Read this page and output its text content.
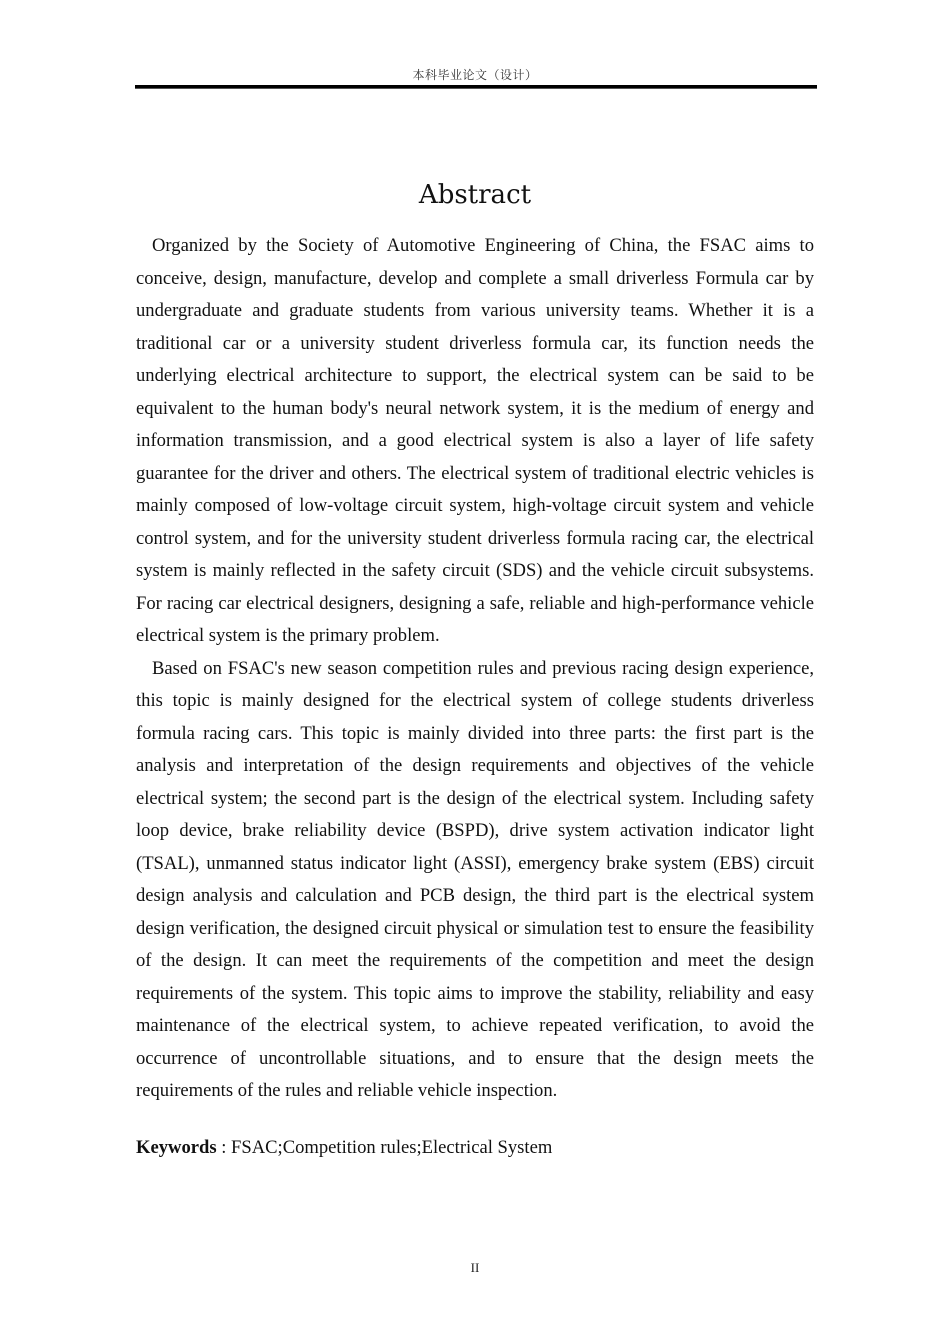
本科毕业论文（设计）
Abstract

Organized by the Society of Automotive Engineering of China, the FSAC aims to conceive, design, manufacture, develop and complete a small driverless Formula car by undergraduate and graduate students from various university teams. Whether it is a traditional car or a university student driverless formula car, its function needs the underlying electrical architecture to support, the electrical system can be said to be equivalent to the human body's neural network system, it is the medium of energy and information transmission, and a good electrical system is also a layer of life safety guarantee for the driver and others. The electrical system of traditional electric vehicles is mainly composed of low-voltage circuit system, high-voltage circuit system and vehicle control system, and for the university student driverless formula racing car, the electrical system is mainly reflected in the safety circuit (SDS) and the vehicle circuit subsystems. For racing car electrical designers, designing a safe, reliable and high-performance vehicle electrical system is the primary problem.

Based on FSAC's new season competition rules and previous racing design experience, this topic is mainly designed for the electrical system of college students driverless formula racing cars. This topic is mainly divided into three parts: the first part is the analysis and interpretation of the design requirements and objectives of the vehicle electrical system; the second part is the design of the electrical system. Including safety loop device, brake reliability device (BSPD), drive system activation indicator light (TSAL), unmanned status indicator light (ASSI), emergency brake system (EBS) circuit design analysis and calculation and PCB design, the third part is the electrical system design verification, the designed circuit physical or simulation test to ensure the feasibility of the design. It can meet the requirements of the competition and meet the design requirements of the system. This topic aims to improve the stability, reliability and easy maintenance of the electrical system, to achieve repeated verification, to avoid the occurrence of uncontrollable situations, and to ensure that the design meets the requirements of the rules and reliable vehicle inspection.

Keywords : FSAC;Competition rules;Electrical System
II
